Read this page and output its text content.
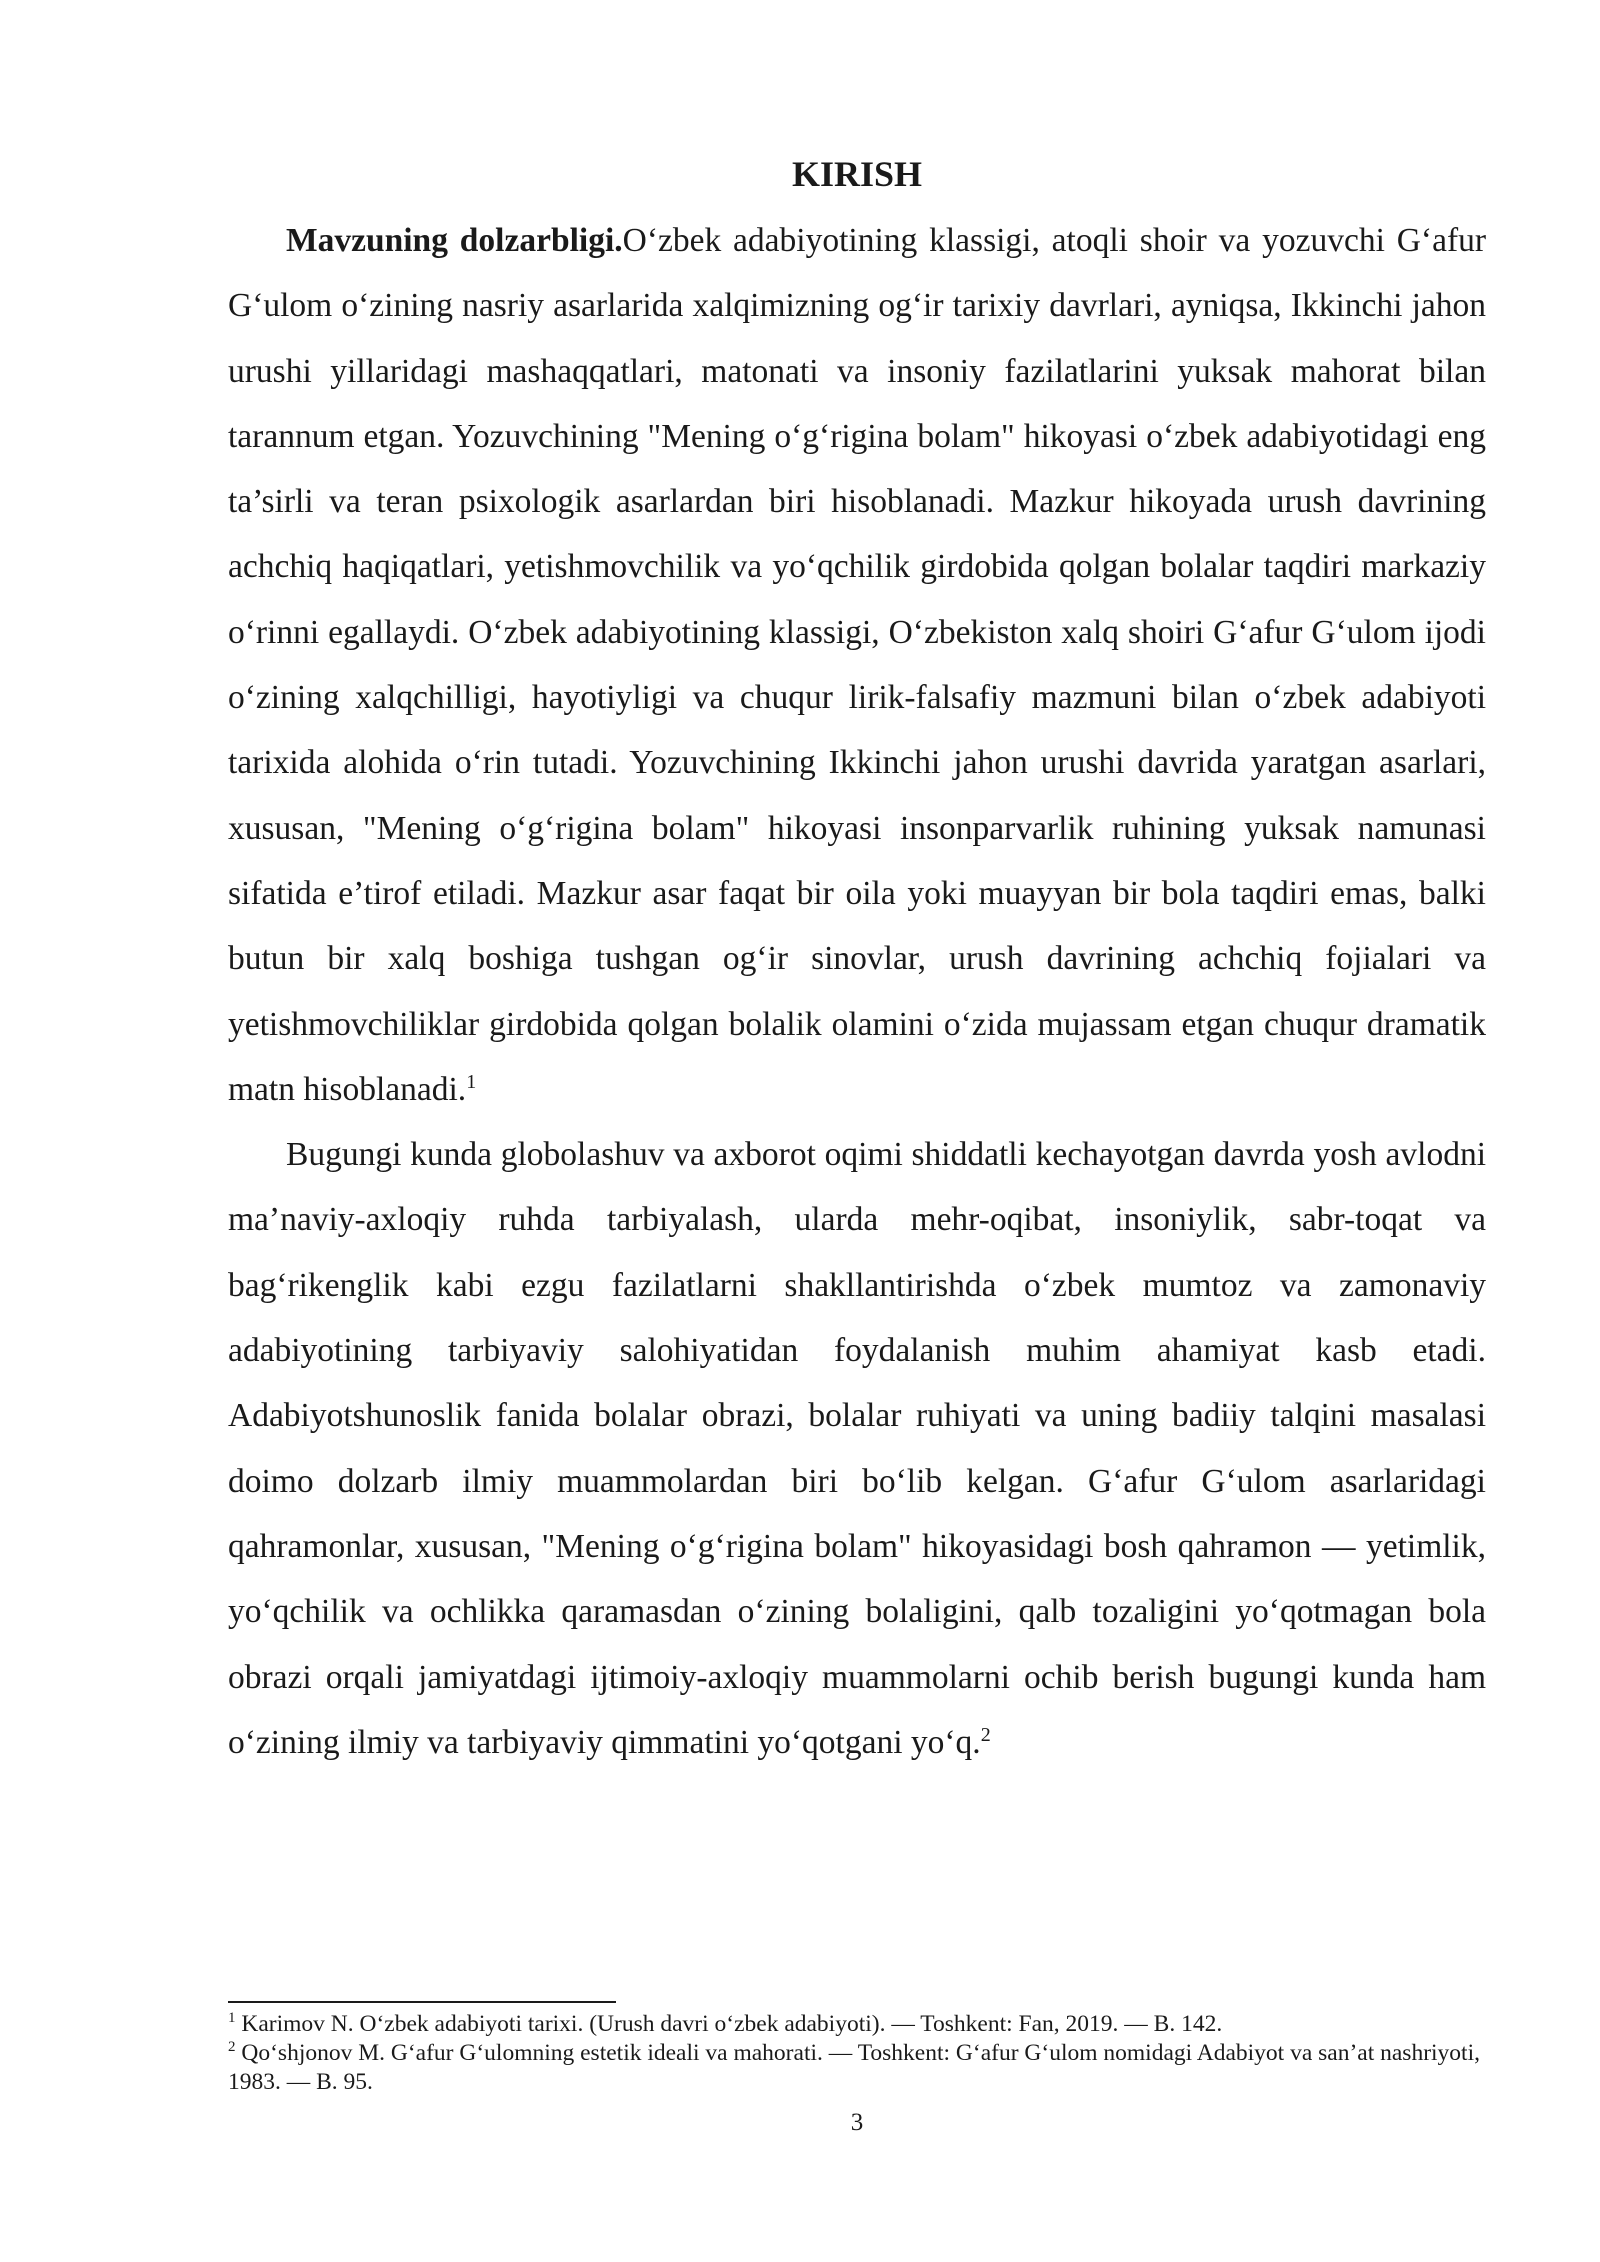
KIRISH

Mavzuning dolzarbligi.O‘zbek adabiyotining klassigi, atoqli shoir va yozuvchi G‘afur G‘ulom o‘zining nasriy asarlarida xalqimizning og‘ir tarixiy davrlari, ayniqsa, Ikkinchi jahon urushi yillaridagi mashaqqatlari, matonati va insoniy fazilatlarini yuksak mahorat bilan tarannum etgan. Yozuvchining "Mening o‘g‘rigina bolam" hikoyasi o‘zbek adabiyotidagi eng ta’sirli va teran psixologik asarlardan biri hisoblanadi. Mazkur hikoyada urush davrining achchiq haqiqatlari, yetishmovchilik va yo‘qchilik girdobida qolgan bolalar taqdiri markaziy o‘rinni egallaydi. O‘zbek adabiyotining klassigi, O‘zbekiston xalq shoiri G‘afur G‘ulom ijodi o‘zining xalqchilligi, hayotiyligi va chuqur lirik-falsafiy mazmuni bilan o‘zbek adabiyoti tarixida alohida o‘rin tutadi. Yozuvchining Ikkinchi jahon urushi davrida yaratgan asarlari, xususan, "Mening o‘g‘rigina bolam" hikoyasi insonparvarlik ruhining yuksak namunasi sifatida e’tirof etiladi. Mazkur asar faqat bir oila yoki muayyan bir bola taqdiri emas, balki butun bir xalq boshiga tushgan og‘ir sinovlar, urush davrining achchiq fojialari va yetishmovchiliklar girdobida qolgan bolalik olamini o‘zida mujassam etgan chuqur dramatik matn hisoblanadi.$^1$

Bugungi kunda globolashuv va axborot oqimi shiddatli kechayotgan davrda yosh avlodni ma’naviy-axloqiy ruhda tarbiyalash, ularda mehr-oqibat, insoniylik, sabr-toqat va bag‘rikenglik kabi ezgu fazilatlarni shakllantirishda o‘zbek mumtoz va zamonaviy adabiyotining tarbiyaviy salohiyatidan foydalanish muhim ahamiyat kasb etadi. Adabiyotshunoslik fanida bolalar obrazi, bolalar ruhiyati va uning badiiy talqini masalasi doimo dolzarb ilmiy muammolardan biri bo‘lib kelgan. G‘afur G‘ulom asarlaridagi qahramonlar, xususan, "Mening o‘g‘rigina bolam" hikoyasidagi bosh qahramon — yetimlik, yo‘qchilik va ochlikka qaramasdan o‘zining bolaligini, qalb tozaligini yo‘qotmagan bola obrazi orqali jamiyatdagi ijtimoiy-axloqiy muammolarni ochib berish bugungi kunda ham o‘zining ilmiy va tarbiyaviy qimmatini yo‘qotgani yo‘q.$^2$

$^1$ Karimov N. O‘zbek adabiyoti tarixi. (Urush davri o‘zbek adabiyoti). — Toshkent: Fan, 2019. — B. 142.

$^2$ Qo‘shjonov M. G‘afur G‘ulomning estetik ideali va mahorati. — Toshkent: G‘afur G‘ulom nomidagi Adabiyot va san’at nashriyoti, 1983. — B. 95.

3
